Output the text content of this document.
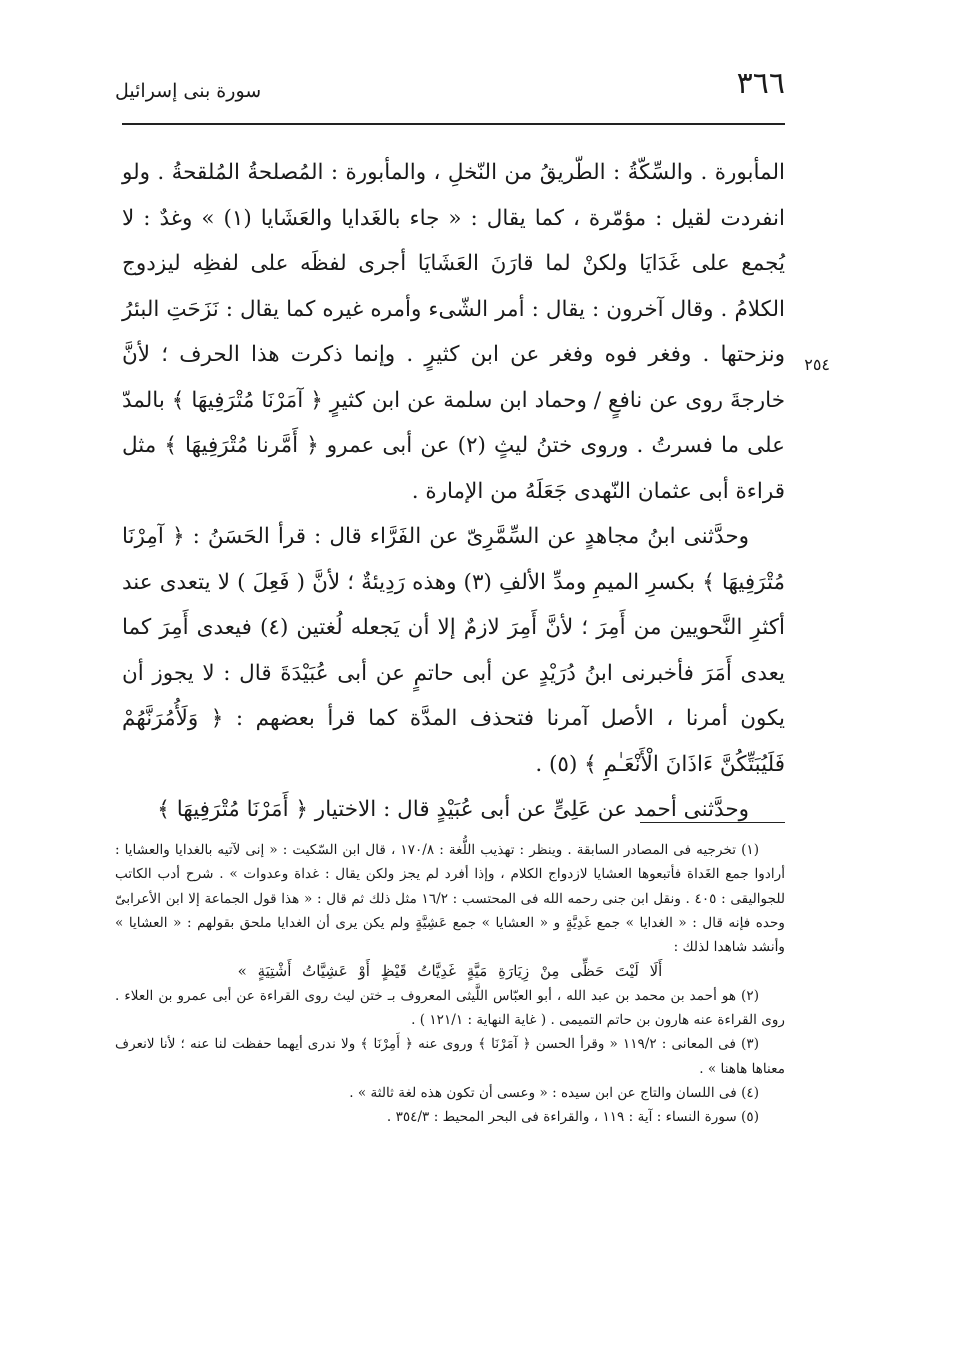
٣٦٦
سورة بنى إسرائيل
٢٥٤

المأبورة . والسِّكّةُ : الطّريقُ من النّخلِ ، والمأبورة : المُصلحةُ المُلقحةُ . ولو انفردت لقيل : مؤمّرة ، كما يقال : « جاء بالغَدايا والعَشَايا (١) » وغدٌ : لا يُجمع على غَدَايَا ولكنْ لما قارَنَ العَشَايَا أجرى لفظَه على لفظِه ليزدوج الكلامُ . وقال آخرون : يقال : أمر الشّىء وأمره غيره كما يقال : نَزَحَتِ البئرُ ونزحتها . وفغر فوه وفغر عن ابن كثيرٍ . وإنما ذكرت هذا الحرف ؛ لأنَّ خارجةَ روى عن نافعٍ / وحماد ابن سلمة عن ابن كثيرٍ ﴿ آمَرْنَا مُتْرَفِيهَا ﴾ بالمدّ على ما فسرتُ . وروى ختنُ ليثٍ (٢) عن أبى عمرو ﴿ أَمَّرنا مُتْرَفِيهَا ﴾ مثل قراءة أبى عثمان النّهدى جَعَلَهُ من الإمارة .

وحدَّثنى ابنُ مجاهدٍ عن السِّمَّرِىّ عن الفَرَّاء قال : قرأ الحَسَنُ : ﴿ آمِرْنَا مُتْرَفِيهَا ﴾ بكسرِ الميمِ ومدِّ الألفِ (٣) وهذه رَدِيئةٌ ؛ لأنَّ ( فَعِلَ ) لا يتعدى عند أكثرِ النَّحويين من أَمِرَ ؛ لأنَّ أَمِرَ لازمٌ إلا أن يَجعله لُغتين (٤) فيعدى أَمِرَ كما يعدى أَمَرَ فأخبرنى ابنُ دُرَيْدٍ عن أبى حاتمٍ عن أبى عُبَيْدَةَ قال : لا يجوز أن يكون أمرنا ، الأصل آمرنا فتحذف المدَّة كما قرأ بعضهم : ﴿ وَلَأُمُرَنَّهُمْ فَلَيُبَتِّكُنَّ ءَاذَانَ الْأَنْعَـٰمِ ﴾ (٥) .

وحدَّثنى أحمد عن عَلِىٍّ عن أبى عُبَيْدٍ قال : الاختيار ﴿ أَمَرْنَا مُتْرَفِيهَا ﴾

(١) تخرجيه فى المصادر السابقة . وينظر : تهذيب اللُّغة : ١٧٠/٨ ، قال ابن السّكيت : « إنى لآتيه بالغدايا والعشايا : أرادوا جمع الغَداة فأتبعوها العشايا لازدواج الكلام ، وإذا أفرد لم يجز ولكن يقال : غداة وعدوات » . شرح أدب الكاتب للجواليقى : ٤٠٥ . ونقل ابن جنى رحمه الله فى المحتسب : ١٦/٢ مثل ذلك ثم قال : « هذا قول الجماعة إلا ابن الأعرابىّ وحده فإنه قال : « الغدايا » جمع غَدِيَّةٍ و « العشايا » جمع عَشِيَّةٍ ولم يكن يرى أن الغدايا ملحق بقولهم : « العشايا » وأنشد شاهدا لذلك :

أَلَا لَيْتَ حَظِّى مِنْ زِيَارَةِ مَيَّةٍ غَدِيَّاتُ قَيْظٍ أَوْ عَشِيَّاتُ أَشْتِيَةٍ »

(٢) هو أحمد بن محمد بن عبد الله ، أبو العبّاس اللَّيثى المعروف بـ ختن ليث روى القراءة عن أبى عمرو بن العلاء . روى القراءة عنه هارون بن حاتم التميمى . ( غاية النهاية : ١٢١/١ ) .

(٣) فى المعانى : ١١٩/٢ « وقرأ الحسن ﴿ آمَرْنَا ﴾ وروى عنه ﴿ أَمِرْنَا ﴾ ولا ندرى أيهما حفظت لنا عنه ؛ لأنا لانعرف معناها هاهنا » .

(٤) فى اللسان والتاج عن ابن سيده : « وعسى أن تكون هذه لغة ثالثة » .

(٥) سورة النساء : آية : ١١٩ ، والقراءة فى البحر المحيط : ٣٥٤/٣ .
